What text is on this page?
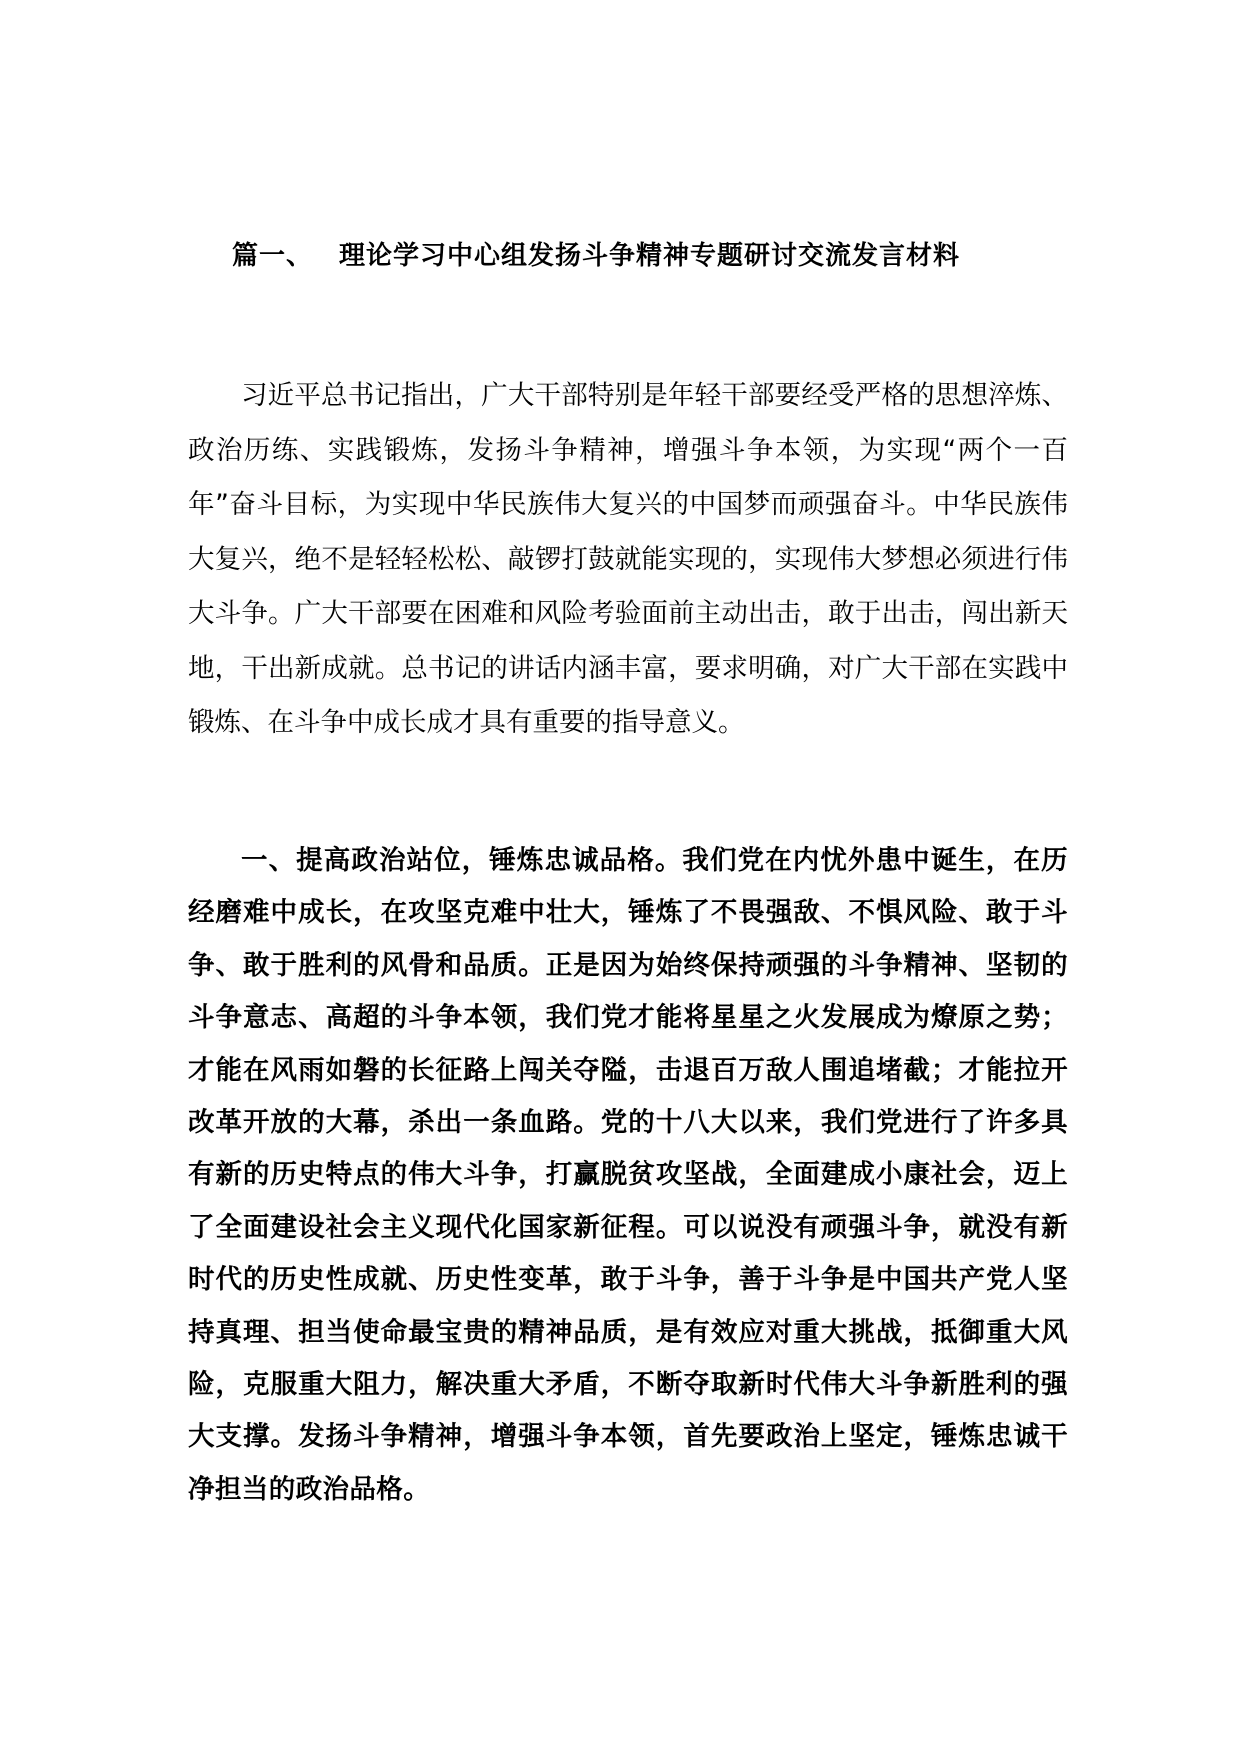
篇一、 理论学习中心组发扬斗争精神专题研讨交流发言材料

习近平总书记指出，广大干部特别是年轻干部要经受严格的思想淬炼、政治历练、实践锻炼，发扬斗争精神，增强斗争本领，为实现“两个一百年”奋斗目标，为实现中华民族伟大复兴的中国梦而顽强奋斗。中华民族伟大复兴，绝不是轻轻松松、敲锣打鼓就能实现的，实现伟大梦想必须进行伟大斗争。广大干部要在困难和风险考验面前主动出击，敢于出击，闯出新天地，干出新成就。总书记的讲话内涵丰富，要求明确，对广大干部在实践中锻炼、在斗争中成长成才具有重要的指导意义。

一、提高政治站位，锤炼忠诚品格。我们党在内忧外患中诞生，在历经磨难中成长，在攻坚克难中壮大，锤炼了不畏强敌、不惧风险、敢于斗争、敢于胜利的风骨和品质。正是因为始终保持顽强的斗争精神、坚韧的斗争意志、高超的斗争本领，我们党才能将星星之火发展成为燎原之势；才能在风雨如磐的长征路上闯关夺隘，击退百万敌人围追堵截；才能拉开改革开放的大幕，杀出一条血路。党的十八大以来，我们党进行了许多具有新的历史特点的伟大斗争，打赢脱贫攻坚战，全面建成小康社会，迈上了全面建设社会主义现代化国家新征程。可以说没有顽强斗争，就没有新时代的历史性成就、历史性变革，敢于斗争，善于斗争是中国共产党人坚持真理、担当使命最宝贵的精神品质，是有效应对重大挑战，抵御重大风险，克服重大阻力，解决重大矛盾，不断夺取新时代伟大斗争新胜利的强大支撑。发扬斗争精神，增强斗争本领，首先要政治上坚定，锤炼忠诚干净担当的政治品格。
